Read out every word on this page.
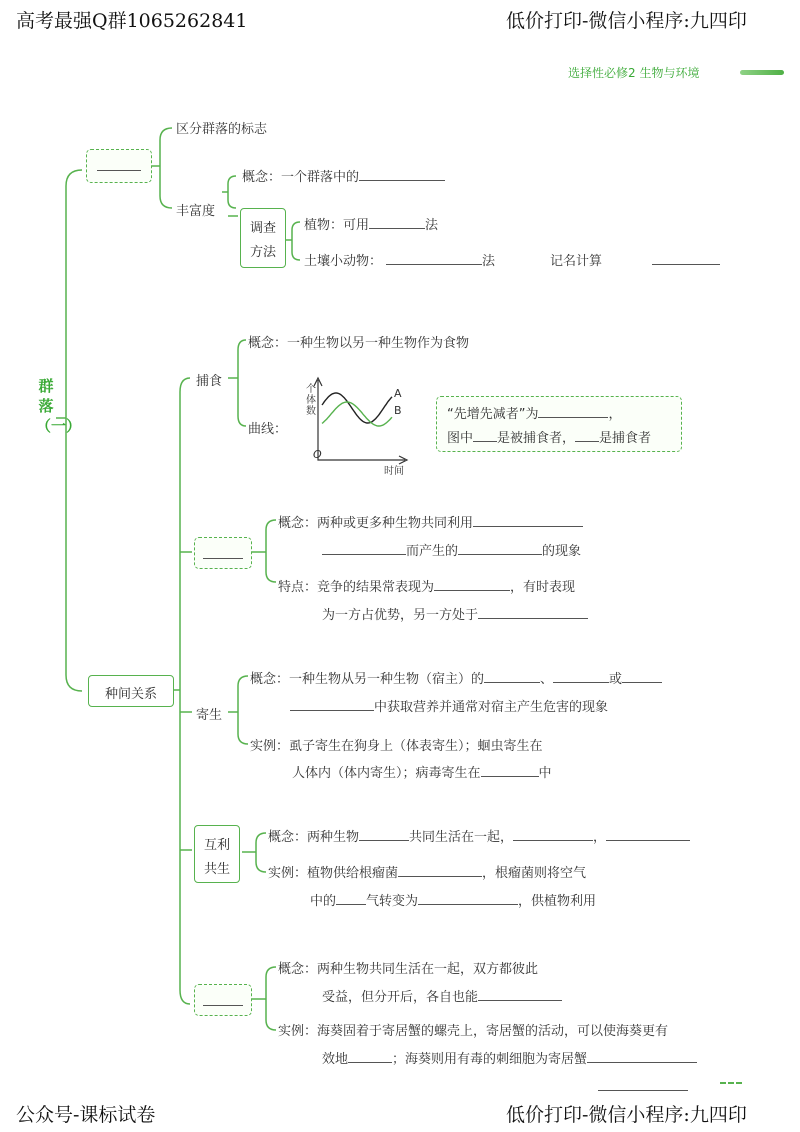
高考最强Q群1065262841	低价打印-微信小程序:九四印
选择性必修2 生物与环境
公众号-课标试卷	低价打印-微信小程序:九四印
群落（一）
区分群落的标志
丰富度
概念：一个群落中的
调查
方法
植物：可用	法
土壤小动物：	法	记名计算
种间关系
捕食
概念：一种生物以另一种生物作为食物
曲线：
O
个
体
数
时间
A
B	“先增先减者”为	，
图中 是被捕食者， 是捕食者
概念：两种或更多种生物共同利用
而产生的	的现象
特点：竞争的结果常表现为	，有时表现
为一方占优势，另一方处于
寄生
概念：一种生物从另一种生物（宿主）的	、	或
中获取营养并通常对宿主产生危害的现象
实例：虱子寄生在狗身上（体表寄生）；蛔虫寄生在
人体内（体内寄生）；病毒寄生在	中
互利
共生
概念：两种生物	共同生活在一起，	，
实例：植物供给根瘤菌	，根瘤菌则将空气
中的 气转变为	，供植物利用
概念：两种生物共同生活在一起，双方都彼此
受益，但分开后，各自也能
实例：海葵固着于寄居蟹的螺壳上，寄居蟹的活动，可以使海葵更有
效地	；海葵则用有毒的刺细胞为寄居蟹
